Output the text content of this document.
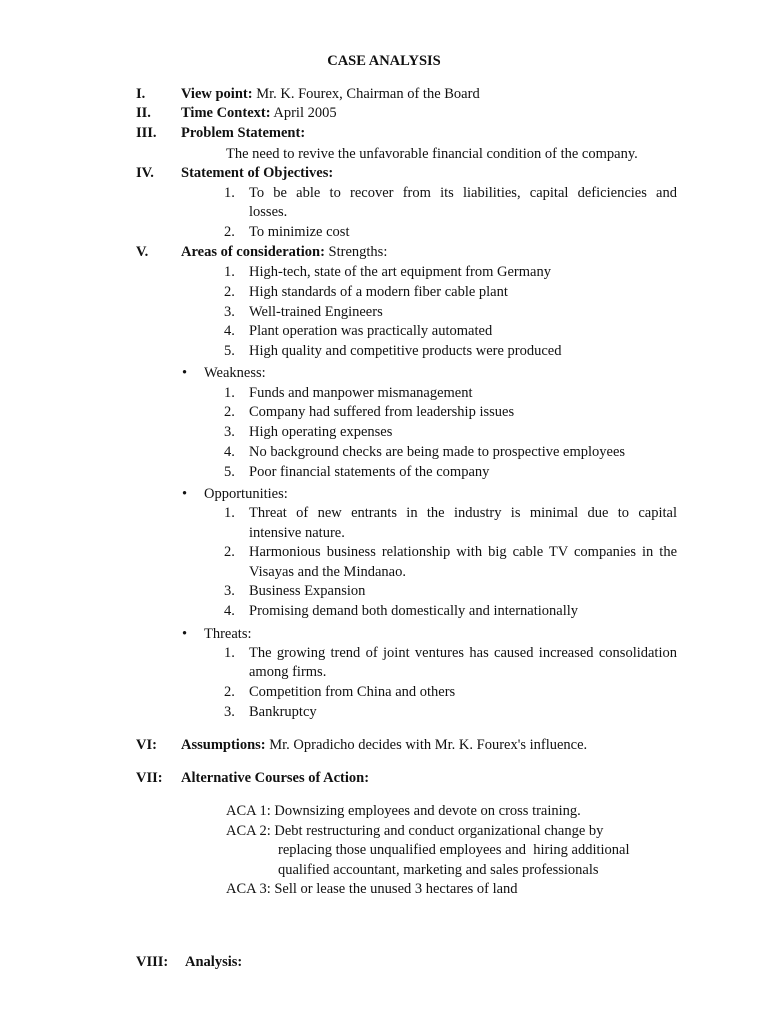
CASE ANALYSIS
I. View point: Mr. K. Fourex, Chairman of the Board
II. Time Context: April 2005
III. Problem Statement:
The need to revive the unfavorable financial condition of the company.
IV. Statement of Objectives:
1. To be able to recover from its liabilities, capital deficiencies and
losses.
2. To minimize cost
V. Areas of consideration: Strengths:
1. High-tech, state of the art equipment from Germany
2. High standards of a modern fiber cable plant
3. Well-trained Engineers
4. Plant operation was practically automated
5. High quality and competitive products were produced
• Weakness:
1. Funds and manpower mismanagement
2. Company had suffered from leadership issues
3. High operating expenses
4. No background checks are being made to prospective employees
5. Poor financial statements of the company
• Opportunities:
1. Threat of new entrants in the industry is minimal due to capital
intensive nature.
2. Harmonious business relationship with big cable TV companies in the
Visayas and the Mindanao.
3. Business Expansion
4. Promising demand both domestically and internationally
• Threats:
1. The growing trend of joint ventures has caused increased consolidation
among firms.
2. Competition from China and others
3. Bankruptcy
VI: Assumptions: Mr. Opradicho decides with Mr. K. Fourex's influence.
VII: Alternative Courses of Action:
ACA 1: Downsizing employees and devote on cross training.
ACA 2: Debt restructuring and conduct organizational change by
replacing those unqualified employees and  hiring additional
qualified accountant, marketing and sales professionals
ACA 3: Sell or lease the unused 3 hectares of land
VIII: Analysis:
